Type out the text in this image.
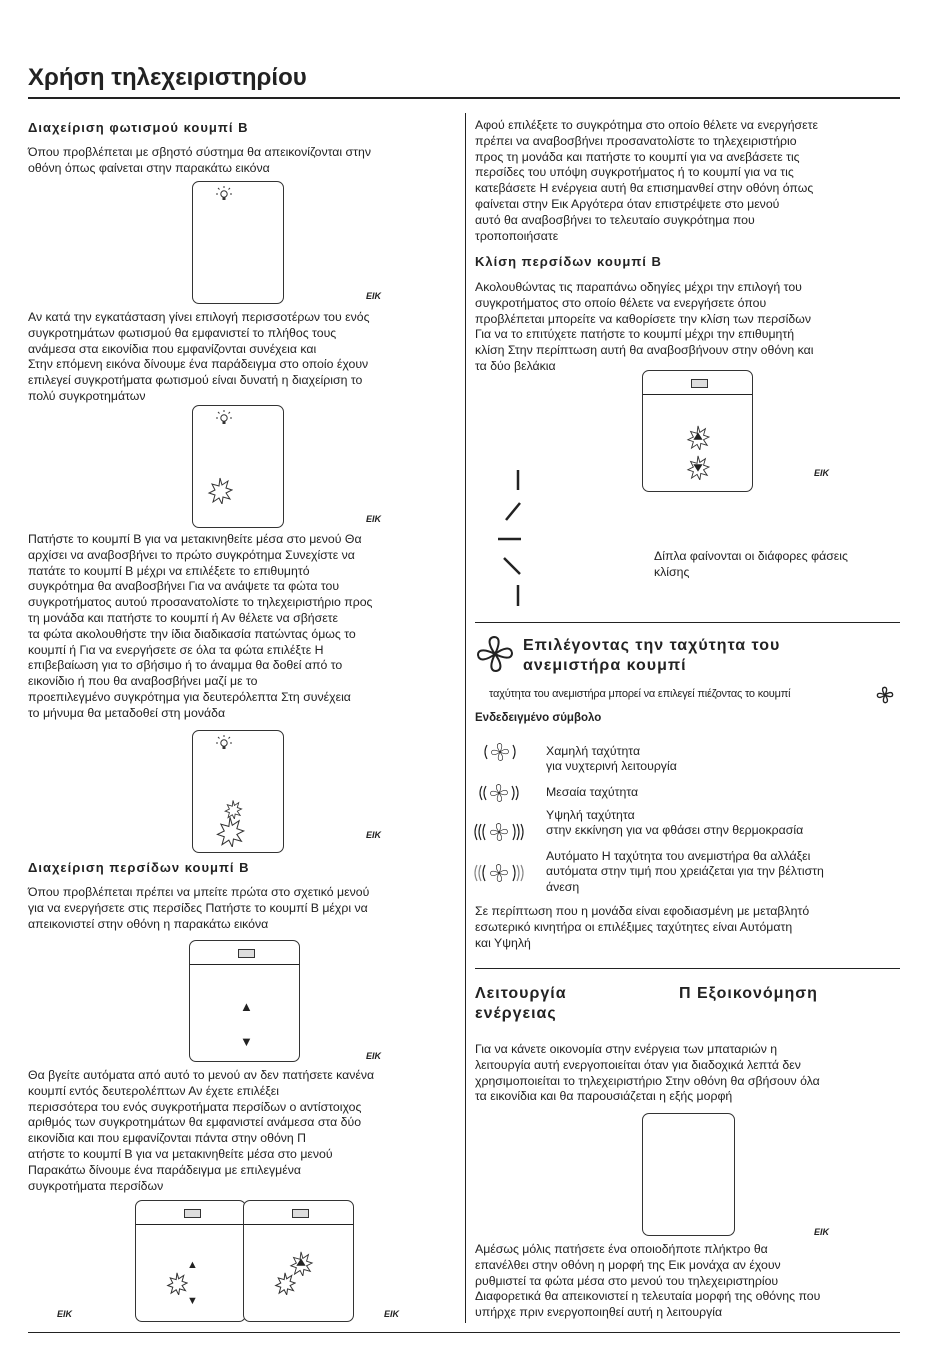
Χρήση τηλεχειριστηρίου
Διαχείριση φωτισμού κουμπί B

Όπου προβλέπεται με σβηστό σύστημα θα απεικονίζονται στην
οθόνη όπως φαίνεται στην παρακάτω εικόνα

ΕΙΚ

Αν κατά την εγκατάσταση γίνει επιλογή περισσοτέρων του ενός
συγκροτημάτων φωτισμού θα εμφανιστεί το πλήθος τους
ανάμεσα στα εικονίδια που εμφανίζονται συνέχεια και
Στην επόμενη εικόνα δίνουμε ένα παράδειγμα στο οποίο έχουν
επιλεγεί συγκροτήματα φωτισμού είναι δυνατή η διαχείριση το
πολύ συγκροτημάτων

ΕΙΚ

Πατήστε το κουμπί B για να μετακινηθείτε μέσα στο μενού Θα
αρχίσει να αναβοσβήνει το πρώτο συγκρότημα Συνεχίστε να
πατάτε το κουμπί B μέχρι να επιλέξετε το επιθυμητό
συγκρότημα θα αναβοσβήνει Για να ανάψετε τα φώτα του
συγκροτήματος αυτού προσανατολίστε το τηλεχειριστήριο προς
τη μονάδα και πατήστε το κουμπί ή Αν θέλετε να σβήσετε
τα φώτα ακολουθήστε την ίδια διαδικασία πατώντας όμως το
κουμπί ή Για να ενεργήσετε σε όλα τα φώτα επιλέξτε Η
επιβεβαίωση για το σβήσιμο ή το άναμμα θα δοθεί από το
εικονίδιο ή που θα αναβοσβήνει μαζί με το
προεπιλεγμένο συγκρότημα για δευτερόλεπτα Στη συνέχεια
το μήνυμα θα μεταδοθεί στη μονάδα

ΕΙΚ
Διαχείριση περσίδων κουμπί B

Όπου προβλέπεται πρέπει να μπείτε πρώτα στο σχετικό μενού
για να ενεργήσετε στις περσίδες Πατήστε το κουμπί B μέχρι να
απεικονιστεί στην οθόνη η παρακάτω εικόνα

▲
▼
ΕΙΚ

Θα βγείτε αυτόματα από αυτό το μενού αν δεν πατήσετε κανένα
κουμπί εντός δευτερολέπτων Αν έχετε επιλέξει
περισσότερα του ενός συγκροτήματα περσίδων ο αντίστοιχος
αριθμός των συγκροτημάτων θα εμφανιστεί ανάμεσα στα δύο
εικονίδια και που εμφανίζονται πάντα στην οθόνη Π
ατήστε το κουμπί B για να μετακινηθείτε μέσα στο μενού
Παρακάτω δίνουμε ένα παράδειγμα με επιλεγμένα
συγκροτήματα περσίδων

▲
▼
ΕΙΚ	ΕΙΚ

Αφού επιλέξετε το συγκρότημα στο οποίο θέλετε να ενεργήσετε
πρέπει να αναβοσβήνει προσανατολίστε το τηλεχειριστήριο
προς τη μονάδα και πατήστε το κουμπί για να ανεβάσετε τις
περσίδες του υπόψη συγκροτήματος ή το κουμπί για να τις
κατεβάσετε Η ενέργεια αυτή θα επισημανθεί στην οθόνη όπως
φαίνεται στην Εικ Αργότερα όταν επιστρέψετε στο μενού
αυτό θα αναβοσβήνει το τελευταίο συγκρότημα που
τροποποιήσατε

Κλίση περσίδων κουμπί B

Ακολουθώντας τις παραπάνω οδηγίες μέχρι την επιλογή του
συγκροτήματος στο οποίο θέλετε να ενεργήσετε όπου
προβλέπεται μπορείτε να καθορίσετε την κλίση των περσίδων
Για να το επιτύχετε πατήστε το κουμπί μέχρι την επιθυμητή
κλίση Στην περίπτωση αυτή θα αναβοσβήνουν στην οθόνη και
τα δύο βελάκια

ΕΙΚ

Δίπλα φαίνονται οι διάφορες φάσεις
κλίσης

Επιλέγοντας την ταχύτητα του
ανεμιστήρα κουμπί

ταχύτητα του ανεμιστήρα μπορεί να επιλεγεί πιέζοντας το κουμπί

Ενδεδειγμένο σύμβολο

Χαμηλή ταχύτητα
για νυχτερινή λειτουργία

Μεσαία ταχύτητα

Υψηλή ταχύτητα
στην εκκίνηση για να φθάσει στην θερμοκρασία

Αυτόματο Η ταχύτητα του ανεμιστήρα θα αλλάξει
αυτόματα στην τιμή που χρειάζεται για την βέλτιστη
άνεση

Σε περίπτωση που η μονάδα είναι εφοδιασμένη με μεταβλητό
εσωτερικό κινητήρα οι επιλέξιμες ταχύτητες είναι Αυτόματη
και Υψηλή

Λειτουργία
ενέργειας
Π Εξοικονόμηση

Για να κάνετε οικονομία στην ενέργεια των μπαταριών η
λειτουργία αυτή ενεργοποιείται όταν για διαδοχικά λεπτά δεν
χρησιμοποιείται το τηλεχειριστήριο Στην οθόνη θα σβήσουν όλα
τα εικονίδια και θα παρουσιάζεται η εξής μορφή

ΕΙΚ

Αμέσως μόλις πατήσετε ένα οποιοδήποτε πλήκτρο θα
επανέλθει στην οθόνη η μορφή της Εικ μονάχα αν έχουν
ρυθμιστεί τα φώτα μέσα στο μενού του τηλεχειριστηρίου
Διαφορετικά θα απεικονιστεί η τελευταία μορφή της οθόνης που
υπήρχε πριν ενεργοποιηθεί αυτή η λειτουργία
